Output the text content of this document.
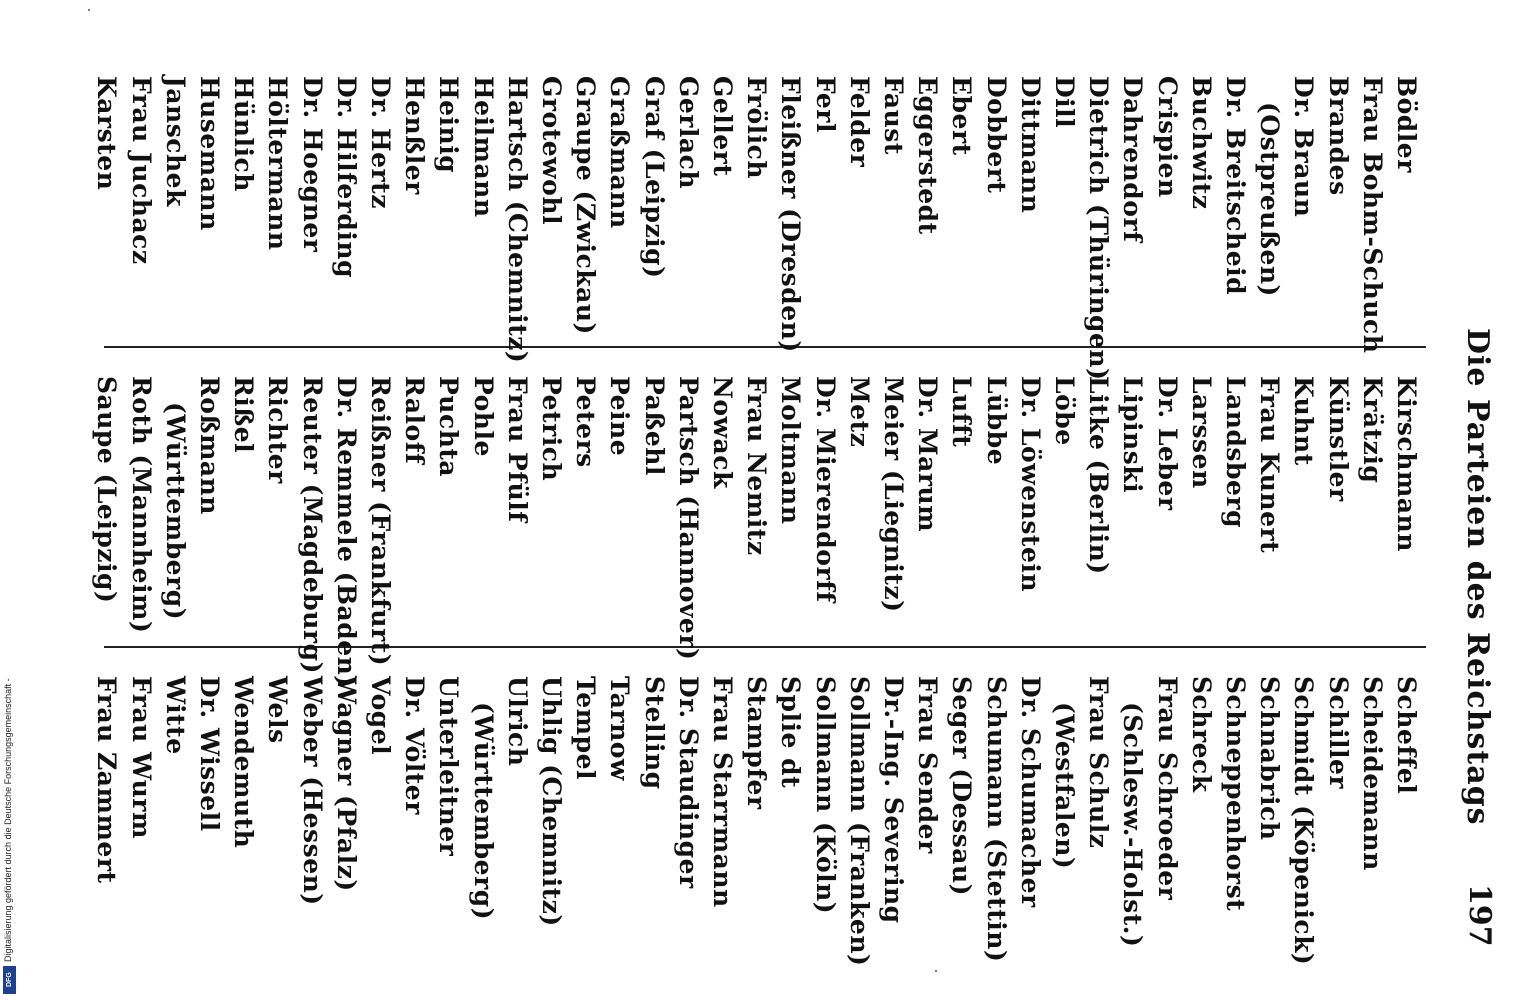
Die Parteien des Reichstags
197
Bödler
Frau Bohm-Schuch
Brandes
Dr. Braun
(Ostpreußen)
Dr. Breitscheid
Buchwitz
Crispien
Dahrendorf
Dietrich (Thüringen)
Dill
Dittmann
Dobbert
Ebert
Eggerstedt
Faust
Felder
Ferl
Fleißner (Dresden)
Frölich
Gellert
Gerlach
Graf (Leipzig)
Graßmann
Graupe (Zwickau)
Grotewohl
Hartsch (Chemnitz)
Heilmann
Heinig
Henßler
Dr. Hertz
Dr. Hilferding
Dr. Hoegner
Höltermann
Hünlich
Husemann
Janschek
Frau Juchacz
Karsten
Kirschmann
Krätzig
Künstler
Kuhnt
Frau Kunert
Landsberg
Larssen
Dr. Leber
Lipinski
Litke (Berlin)
Löbe
Dr. Löwenstein
Lübbe
Lufft
Dr. Marum
Meier (Liegnitz)
Metz
Dr. Mierendorff
Moltmann
Frau Nemitz
Nowack
Partsch (Hannover)
Paßehl
Peine
Peters
Petrich
Frau Pfülf
Pohle
Puchta
Raloff
Reißner (Frankfurt)
Dr. Remmele (Baden)
Reuter (Magdeburg)
Richter
Rißel
Roßmann
(Württemberg)
Roth (Mannheim)
Saupe (Leipzig)
Scheffel
Scheidemann
Schiller
Schmidt (Köpenick)
Schnabrich
Schneppenhorst
Schreck
Frau Schroeder
(Schlesw.-Holst.)
Frau Schulz
(Westfalen)
Dr. Schumacher
Schumann (Stettin)
Seger (Dessau)
Frau Sender
Dr.-Ing. Severing
Sollmann (Franken)
Sollmann (Köln)
Splie dt
Stampfer
Frau Starrmann
Dr. Staudinger
Stelling
Tarnow
Tempel
Uhlig (Chemnitz)
Ulrich
(Württemberg)
Unterleitner
Dr. Völter
Vogel
Wagner (Pfalz)
Weber (Hessen)
Wels
Wendemuth
Dr. Wissell
Witte
Frau Wurm
Frau Zammert
Digitalisierung gefördert durch die Deutsche Forschungsgemeinschaft -
DFG
